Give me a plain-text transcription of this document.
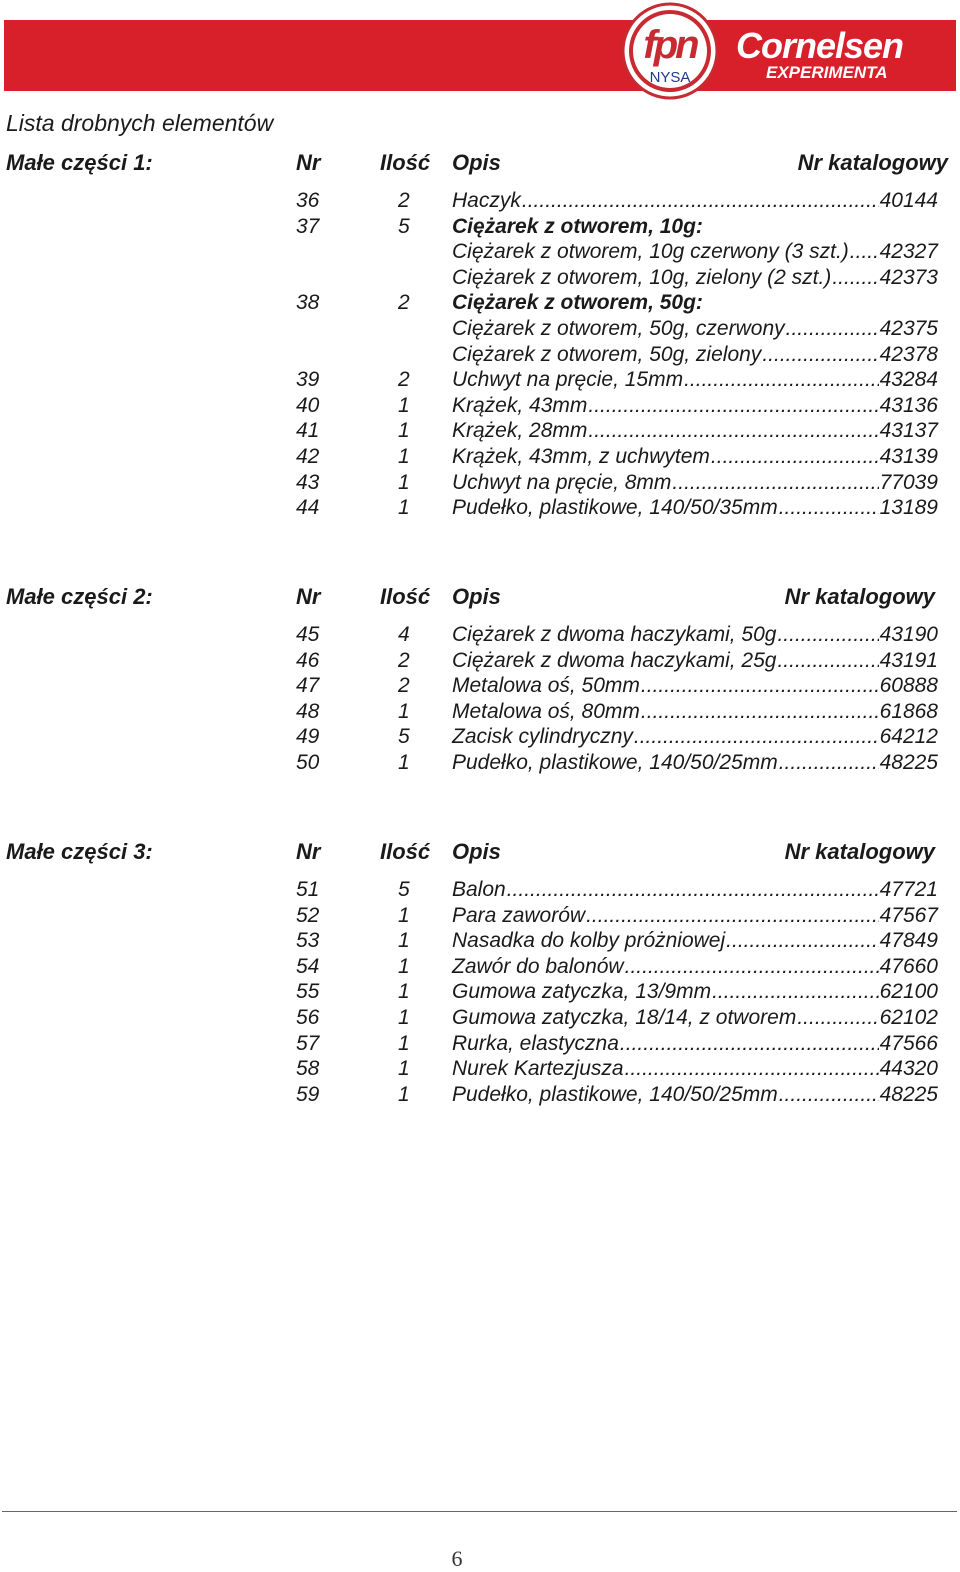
fpn
NYSA
Cornelsen
EXPERIMENTA
Lista drobnych elementów
Małe części 1:	Nr	Ilość Opis	Nr katalogowy
36	2 Haczyk .....	40144
37	5 Ciężarek z otworem, 10g:
Ciężarek z otworem, 10g czerwony (3 szt.) ..... 42327
Ciężarek z otworem, 10g, zielony (2 szt.) ..... 42373
38	2 Ciężarek z otworem, 50g:
Ciężarek z otworem, 50g, czerwony .....	42375
Ciężarek z otworem, 50g, zielony .....	42378
39	2 Uchwyt na pręcie, 15mm .....	43284
40	1 Krążek, 43mm .....	43136
41	1 Krążek, 28mm .....	43137
42	1 Krążek, 43mm, z uchwytem .....	43139
43	1 Uchwyt na pręcie, 8mm .....	77039
44	1 Pudełko, plastikowe, 140/50/35mm .....	13189
Małe części 2:	Nr	Ilość Opis	Nr katalogowy
45	4 Ciężarek z dwoma haczykami, 50g .....	43190
46	2 Ciężarek z dwoma haczykami, 25g .....	43191
47	2 Metalowa oś, 50mm .....	60888
48	1 Metalowa oś, 80mm .....	61868
49	5 Zacisk cylindryczny .....	64212
50	1 Pudełko, plastikowe, 140/50/25mm .....	48225
Małe części 3:	Nr	Ilość Opis	Nr katalogowy
51	5 Balon .....	47721
52	1 Para zaworów .....	47567
53	1 Nasadka do kolby próżniowej .....	47849
54	1 Zawór do balonów .....	47660
55	1 Gumowa zatyczka, 13/9mm .....	62100
56	1 Gumowa zatyczka, 18/14, z otworem .....	62102
57	1 Rurka, elastyczna .....	47566
58	1 Nurek Kartezjusza .....	44320
59	1 Pudełko, plastikowe, 140/50/25mm .....	48225
6
